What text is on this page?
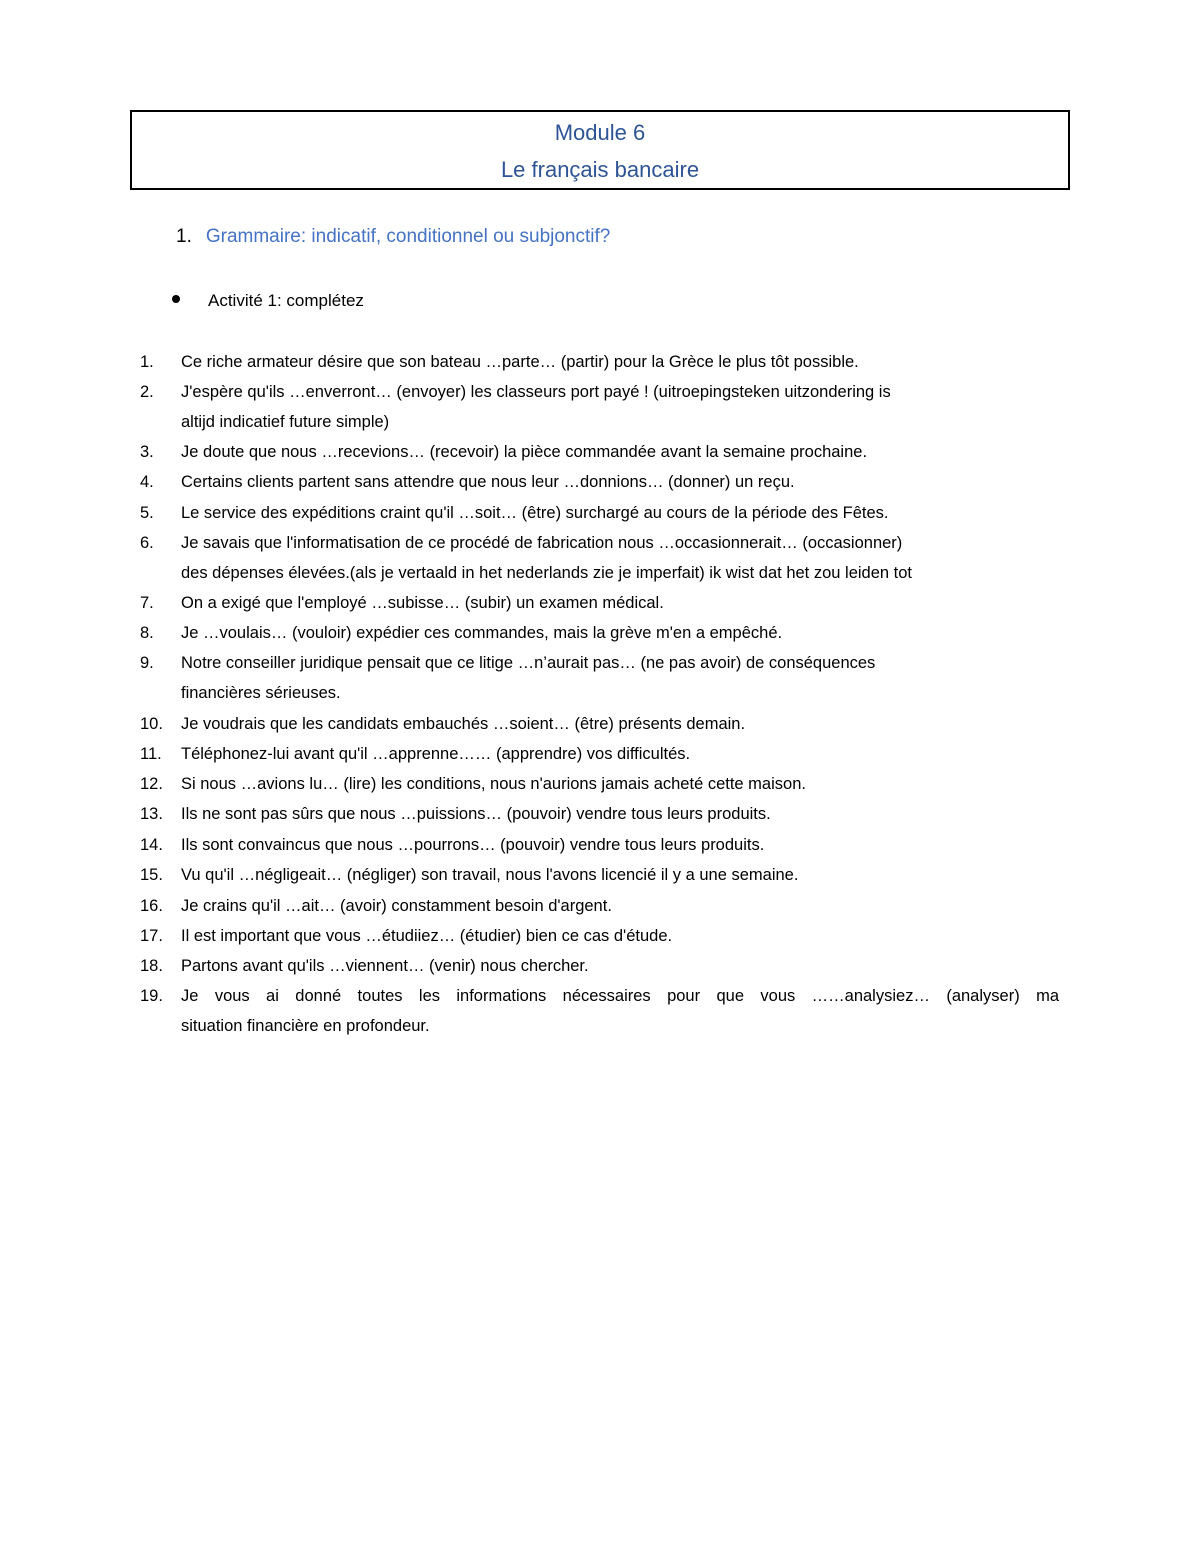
Module 6
Le français bancaire
1. Grammaire: indicatif, conditionnel ou subjonctif?
Activité 1: complétez
1.	Ce riche armateur désire que son bateau …parte… (partir) pour la Grèce le plus tôt possible.
2.	J'espère qu'ils …enverront… (envoyer) les classeurs port payé ! (uitroepingsteken uitzondering is
altijd indicatief future simple)
3.	Je doute que nous …recevions… (recevoir) la pièce commandée avant la semaine prochaine.
4.	Certains clients partent sans attendre que nous leur …donnions… (donner) un reçu.
5.	Le service des expéditions craint qu'il …soit… (être) surchargé au cours de la période des Fêtes.
6.	Je savais que l'informatisation de ce procédé de fabrication nous …occasionnerait… (occasionner)
des dépenses élevées.(als je vertaald in het nederlands zie je imperfait) ik wist dat het zou leiden tot
7.	On a exigé que l'employé …subisse… (subir) un examen médical.
8.	Je …voulais… (vouloir) expédier ces commandes, mais la grève m'en a empêché.
9.	Notre conseiller juridique pensait que ce litige …n’aurait pas… (ne pas avoir) de conséquences
financières sérieuses.
10.	Je voudrais que les candidats embauchés …soient… (être) présents demain.
11.	Téléphonez-lui avant qu'il …apprenne…… (apprendre) vos difficultés.
12.	Si nous …avions lu… (lire) les conditions, nous n'aurions jamais acheté cette maison.
13.	Ils ne sont pas sûrs que nous …puissions… (pouvoir) vendre tous leurs produits.
14.	Ils sont convaincus que nous …pourrons… (pouvoir) vendre tous leurs produits.
15.	Vu qu'il …négligeait… (négliger) son travail, nous l'avons licencié il y a une semaine.
16.	Je crains qu'il …ait… (avoir) constamment besoin d'argent.
17.	Il est important que vous …étudiiez… (étudier) bien ce cas d'étude.
18.	Partons avant qu'ils …viennent… (venir) nous chercher.
19.	Je vous ai donné toutes les informations nécessaires pour que vous ……analysiez… (analyser) ma
situation financière en profondeur.
